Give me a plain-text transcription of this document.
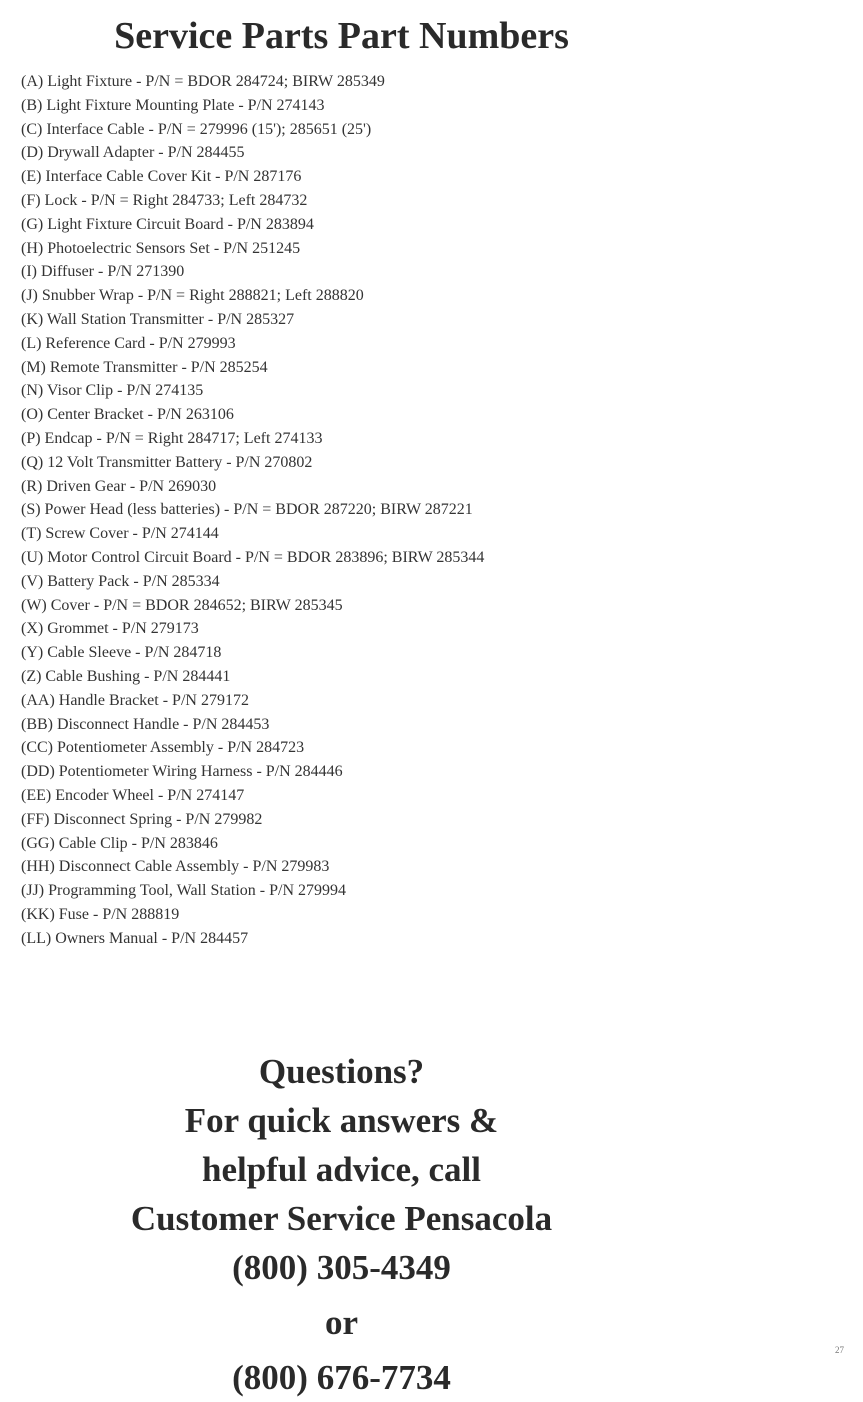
Service Parts Part Numbers
(A) Light Fixture - P/N = BDOR 284724; BIRW 285349
(B) Light Fixture Mounting Plate - P/N 274143
(C) Interface Cable - P/N = 279996 (15'); 285651 (25')
(D) Drywall Adapter - P/N 284455
(E) Interface Cable Cover Kit - P/N 287176
(F) Lock - P/N = Right 284733; Left 284732
(G) Light Fixture Circuit Board - P/N 283894
(H) Photoelectric Sensors Set - P/N 251245
(I) Diffuser - P/N 271390
(J) Snubber Wrap - P/N = Right 288821; Left 288820
(K) Wall Station Transmitter - P/N 285327
(L) Reference Card - P/N 279993
(M) Remote Transmitter - P/N 285254
(N) Visor Clip - P/N 274135
(O) Center Bracket - P/N 263106
(P) Endcap - P/N = Right 284717; Left 274133
(Q) 12 Volt Transmitter Battery - P/N 270802
(R) Driven Gear - P/N 269030
(S) Power Head (less batteries) - P/N = BDOR 287220; BIRW 287221
(T) Screw Cover - P/N 274144
(U) Motor Control Circuit Board - P/N = BDOR 283896; BIRW 285344
(V) Battery Pack - P/N 285334
(W) Cover - P/N = BDOR 284652; BIRW 285345
(X) Grommet - P/N 279173
(Y) Cable Sleeve - P/N 284718
(Z) Cable Bushing - P/N 284441
(AA) Handle Bracket - P/N 279172
(BB) Disconnect Handle - P/N 284453
(CC) Potentiometer Assembly - P/N 284723
(DD) Potentiometer Wiring Harness - P/N 284446
(EE) Encoder Wheel - P/N 274147
(FF) Disconnect Spring - P/N 279982
(GG) Cable Clip - P/N 283846
(HH) Disconnect Cable Assembly - P/N 279983
(JJ) Programming Tool, Wall Station - P/N 279994
(KK) Fuse - P/N 288819
(LL) Owners Manual - P/N 284457
Questions?
For quick answers &
helpful advice, call
Customer Service Pensacola
(800) 305-4349
or
(800) 676-7734
27
